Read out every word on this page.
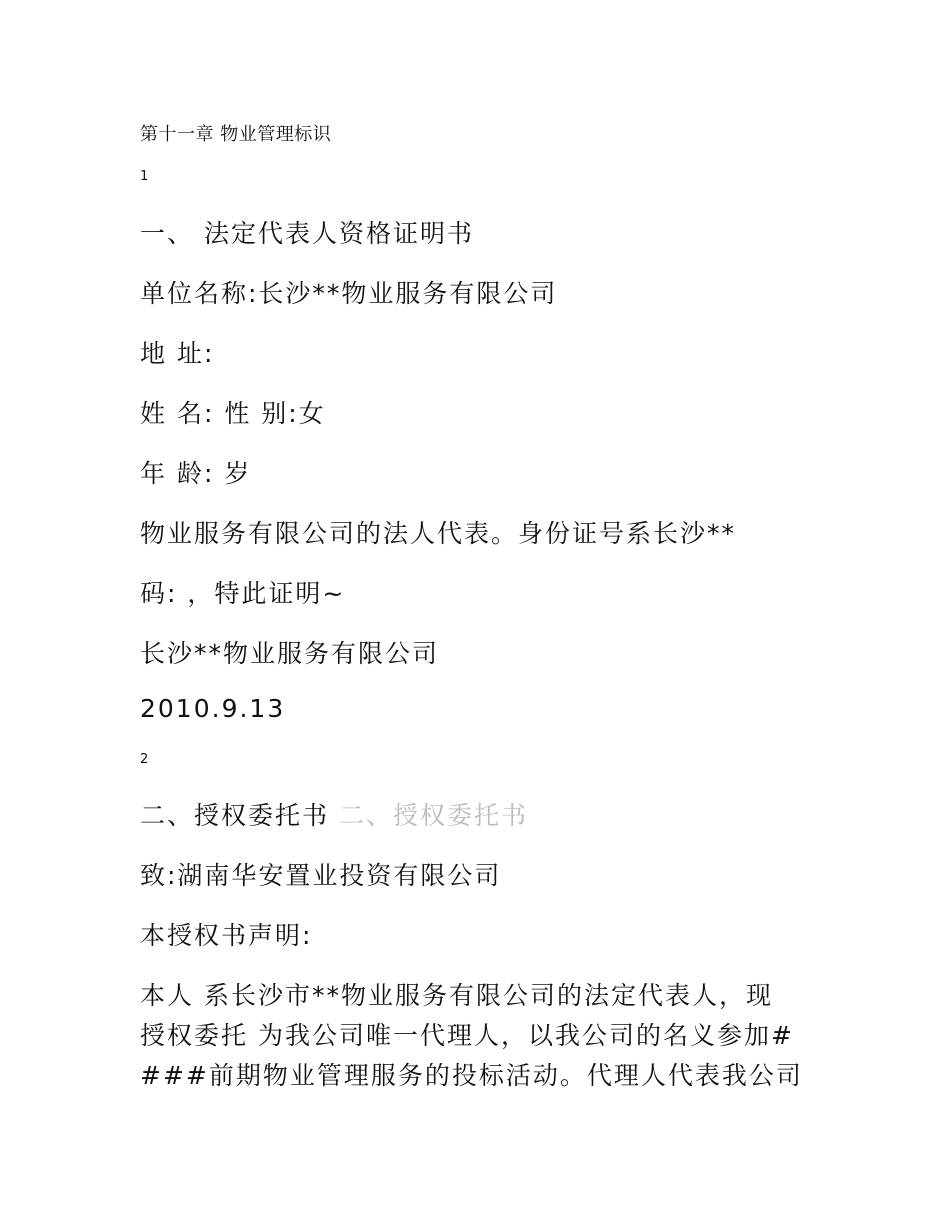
第十一章 物业管理标识

1

一、 法定代表人资格证明书

单位名称:长沙**物业服务有限公司

地 址:

姓 名: 性 别:女

年 龄: 岁

物业服务有限公司的法人代表。身份证号系长沙**

码: ，特此证明~

长沙**物业服务有限公司

2010.9.13

2

二、授权委托书 二、授权委托书

致:湖南华安置业投资有限公司

本授权书声明:

本人 系长沙市**物业服务有限公司的法定代表人，现

授权委托 为我公司唯一代理人，以我公司的名义参加#

###前期物业管理服务的投标活动。代理人代表我公司
